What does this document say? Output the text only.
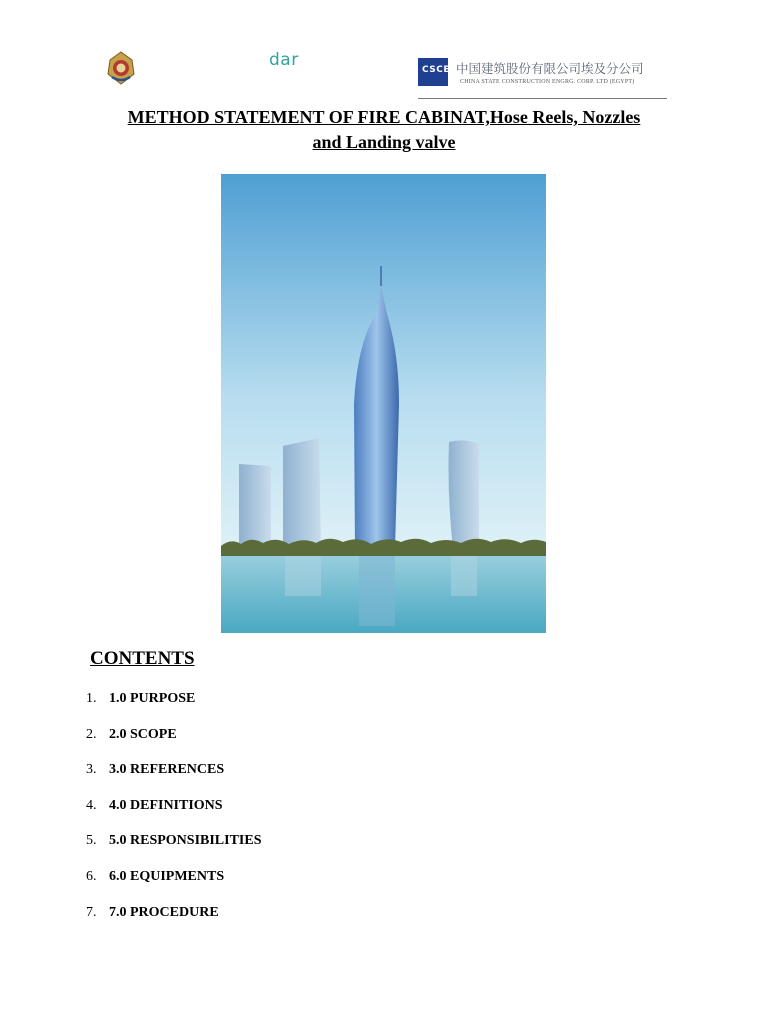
dar	CSCEC
中国建筑股份有限公司埃及分公司
CHINA STATE CONSTRUCTION ENGRG. CORP. LTD (EGYPT)
METHOD STATEMENT OF FIRE CABINAT,Hose Reels, Nozzles
and Landing valve
CONTENTS
1. 1.0 PURPOSE
2. 2.0 SCOPE
3. 3.0 REFERENCES
4. 4.0 DEFINITIONS
5. 5.0 RESPONSIBILITIES
6. 6.0 EQUIPMENTS
7. 7.0 PROCEDURE
